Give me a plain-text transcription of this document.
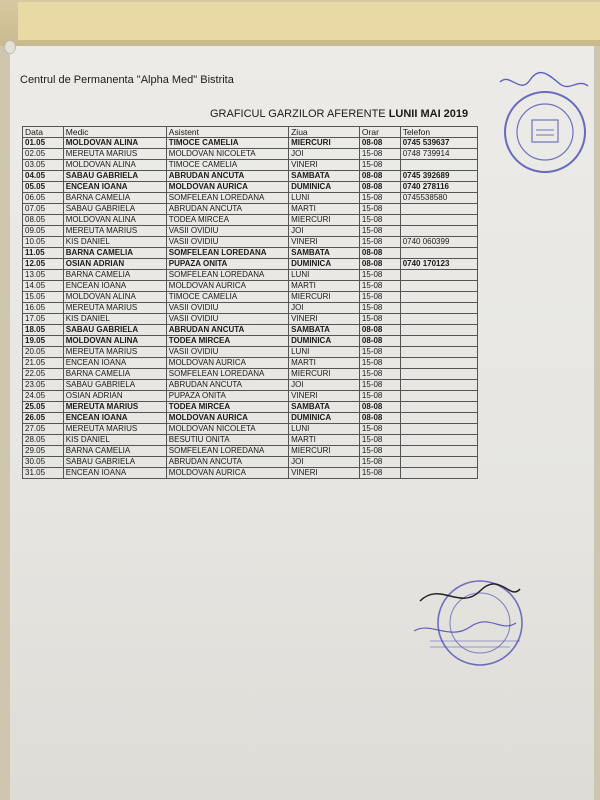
Centrul de Permanenta "Alpha Med" Bistrita
GRAFICUL GARZILOR AFERENTE LUNII MAI 2019
Data	Medic	Asistent	Ziua	Orar	Telefon
01.05	MOLDOVAN ALINA	TIMOCE CAMELIA	MIERCURI	08-08	0745 539637
02.05	MEREUTA MARIUS	MOLDOVAN NICOLETA	JOI	15-08	0748 739914
03.05	MOLDOVAN ALINA	TIMOCE CAMELIA	VINERI	15-08	
04.05	SABAU GABRIELA	ABRUDAN ANCUTA	SAMBATA	08-08	0745 392689
05.05	ENCEAN IOANA	MOLDOVAN AURICA	DUMINICA	08-08	0740 278116
06.05	BARNA CAMELIA	SOMFELEAN LOREDANA	LUNI	15-08	0745538580
07.05	SABAU GABRIELA	ABRUDAN ANCUTA	MARTI	15-08	
08.05	MOLDOVAN ALINA	TODEA MIRCEA	MIERCURI	15-08	
09.05	MEREUTA MARIUS	VASII OVIDIU	JOI	15-08	
10.05	KIS DANIEL	VASII OVIDIU	VINERI	15-08	0740 060399
11.05	BARNA CAMELIA	SOMFELEAN LOREDANA	SAMBATA	08-08	
12.05	OSIAN ADRIAN	PUPAZA ONITA	DUMINICA	08-08	0740 170123
13.05	BARNA CAMELIA	SOMFELEAN LOREDANA	LUNI	15-08	
14.05	ENCEAN IOANA	MOLDOVAN AURICA	MARTI	15-08	
15.05	MOLDOVAN ALINA	TIMOCE CAMELIA	MIERCURI	15-08	
16.05	MEREUTA MARIUS	VASII OVIDIU	JOI	15-08	
17.05	KIS DANIEL	VASII OVIDIU	VINERI	15-08	
18.05	SABAU GABRIELA	ABRUDAN ANCUTA	SAMBATA	08-08	
19.05	MOLDOVAN ALINA	TODEA MIRCEA	DUMINICA	08-08	
20.05	MEREUTA MARIUS	VASII OVIDIU	LUNI	15-08	
21.05	ENCEAN IOANA	MOLDOVAN AURICA	MARTI	15-08	
22.05	BARNA CAMELIA	SOMFELEAN LOREDANA	MIERCURI	15-08	
23.05	SABAU GABRIELA	ABRUDAN ANCUTA	JOI	15-08	
24.05	OSIAN ADRIAN	PUPAZA ONITA	VINERI	15-08	
25.05	MEREUTA MARIUS	TODEA MIRCEA	SAMBATA	08-08	
26.05	ENCEAN IOANA	MOLDOVAN AURICA	DUMINICA	08-08	
27.05	MEREUTA MARIUS	MOLDOVAN NICOLETA	LUNI	15-08	
28.05	KIS DANIEL	BESUTIU ONITA	MARTI	15-08	
29.05	BARNA CAMELIA	SOMFELEAN LOREDANA	MIERCURI	15-08	
30.05	SABAU GABRIELA	ABRUDAN ANCUTA	JOI	15-08	
31.05	ENCEAN IOANA	MOLDOVAN AURICA	VINERI	15-08	
